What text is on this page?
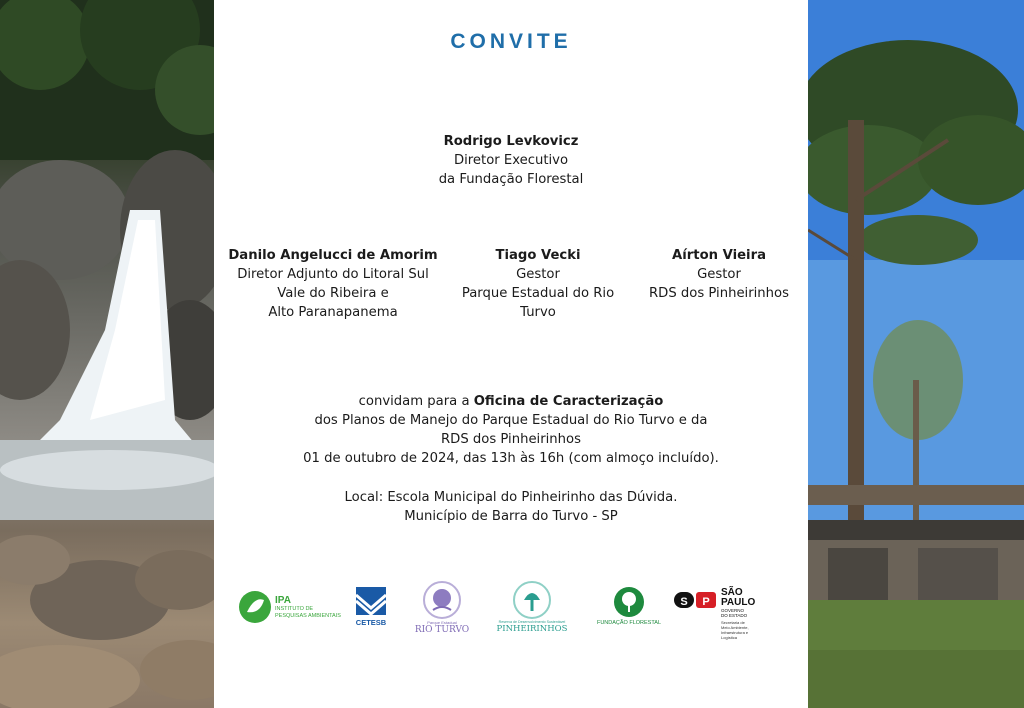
CONVITE
Rodrigo Levkovicz
Diretor Executivo
da Fundação Florestal
Danilo Angelucci de Amorim
Diretor Adjunto do Litoral Sul
Vale do Ribeira e
Alto Paranapanema
Tiago Vecki
Gestor
Parque Estadual do Rio
Turvo
Aírton Vieira
Gestor
RDS dos Pinheirinhos
convidam para a Oficina de Caracterização
dos Planos de Manejo do Parque Estadual do Rio Turvo e da
RDS dos Pinheirinhos
01 de outubro de 2024, das 13h às 16h (com almoço incluído).
Local: Escola Municipal do Pinheirinho das Dúvida.
Município de Barra do Turvo - SP
IPA
INSTITUTO DE
PESQUISAS AMBIENTAIS
CETESB	Parque Estadual
RIO TURVO
Reserva de Desenvolvimento Sustentável
PINHEIRINHOS
FUNDAÇÃO FLORESTAL
S P
SÃO
PAULO
GOVERNO
DO ESTADO
Secretaria de
Meio Ambiente,
Infraestrutura e
Logística
